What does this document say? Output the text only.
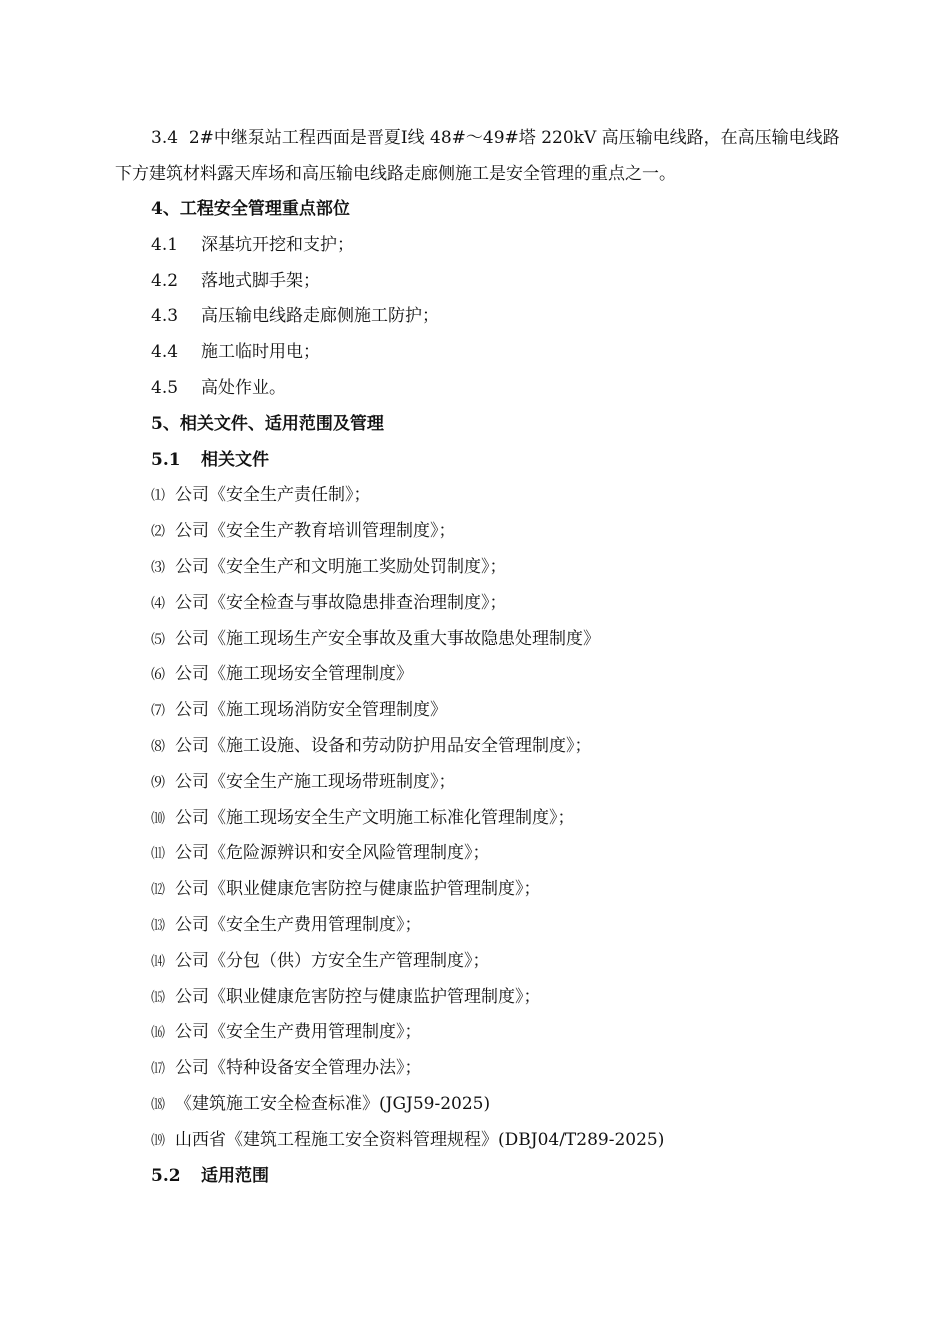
3.4 2#中继泵站工程西面是晋夏Ⅰ线 48#～49#塔 220kV 高压输电线路，在高压输电线路下方建筑材料露天库场和高压输电线路走廊侧施工是安全管理的重点之一。

4、工程安全管理重点部位
4.1 深基坑开挖和支护；
4.2 落地式脚手架；
4.3 高压输电线路走廊侧施工防护；
4.4 施工临时用电；
4.5 高处作业。
5、相关文件、适用范围及管理
5.1 相关文件
⑴ 公司《安全生产责任制》；
⑵ 公司《安全生产教育培训管理制度》；
⑶ 公司《安全生产和文明施工奖励处罚制度》；
⑷ 公司《安全检查与事故隐患排查治理制度》；
⑸ 公司《施工现场生产安全事故及重大事故隐患处理制度》
⑹ 公司《施工现场安全管理制度》
⑺ 公司《施工现场消防安全管理制度》
⑻ 公司《施工设施、设备和劳动防护用品安全管理制度》；
⑼ 公司《安全生产施工现场带班制度》；
⑽ 公司《施工现场安全生产文明施工标准化管理制度》；
⑾ 公司《危险源辨识和安全风险管理制度》；
⑿ 公司《职业健康危害防控与健康监护管理制度》；
⒀ 公司《安全生产费用管理制度》；
⒁ 公司《分包（供）方安全生产管理制度》；
⒂ 公司《职业健康危害防控与健康监护管理制度》；
⒃ 公司《安全生产费用管理制度》；
⒄ 公司《特种设备安全管理办法》；
⒅ 《建筑施工安全检查标准》(JGJ59-2025)
⒆ 山西省《建筑工程施工安全资料管理规程》(DBJ04/T289-2025)
5.2 适用范围
